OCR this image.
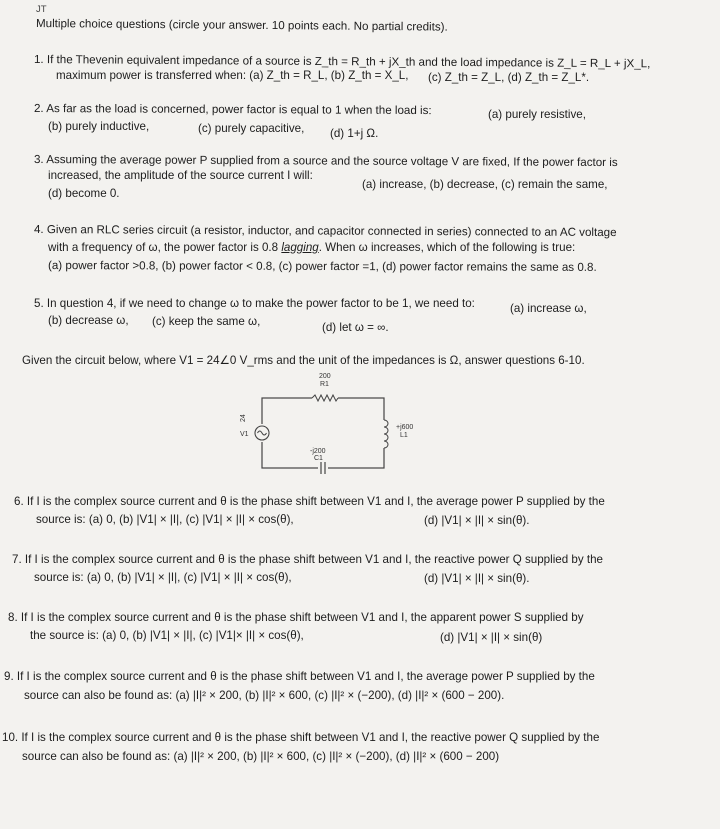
JT
Multiple choice questions (circle your answer. 10 points each. No partial credits).
1. If the Thevenin equivalent impedance of a source is Z_th = R_th + jX_th and the load impedance is Z_L = R_L + jX_L,
maximum power is transferred when: (a) Z_th = R_L, (b) Z_th = X_L, (c) Z_th = Z_L, (d) Z_th = Z_L*.
2. As far as the load is concerned, power factor is equal to 1 when the load is:	(a) purely resistive,
(b) purely inductive,	(c) purely capacitive, (d) 1+j Ω.
3. Assuming the average power P supplied from a source and the source voltage V are fixed, If the power factor is
increased, the amplitude of the source current I will:
(a) increase, (b) decrease, (c) remain the same,
(d) become 0.
4. Given an RLC series circuit (a resistor, inductor, and capacitor connected in series) connected to an AC voltage
with a frequency of ω, the power factor is 0.8 lagging. When ω increases, which of the following is true:
(a) power factor >0.8, (b) power factor < 0.8, (c) power factor =1, (d) power factor remains the same as 0.8.
5. In question 4, if we need to change ω to make the power factor to be 1, we need to:	(a) increase ω,
(b) decrease ω, (c) keep the same ω,	(d) let ω = ∞.
Given the circuit below, where V1 = 24∠0 V_rms and the unit of the impedances is Ω, answer questions 6-10.
200
R1
24
V1
+j600
L1
-j200
C1
6. If I is the complex source current and θ is the phase shift between V1 and I, the average power P supplied by the
source is: (a) 0, (b) |V1| × |I|, (c) |V1| × |I| × cos(θ),	(d) |V1| × |I| × sin(θ).
7. If I is the complex source current and θ is the phase shift between V1 and I, the reactive power Q supplied by the
source is: (a) 0, (b) |V1| × |I|, (c) |V1| × |I| × cos(θ),	(d) |V1| × |I| × sin(θ).
8. If I is the complex source current and θ is the phase shift between V1 and I, the apparent power S supplied by
the source is: (a) 0, (b) |V1| × |I|, (c) |V1|× |I| × cos(θ),	(d) |V1| × |I| × sin(θ)
9. If I is the complex source current and θ is the phase shift between V1 and I, the average power P supplied by the
source can also be found as: (a) |I|² × 200, (b) |I|² × 600, (c) |I|² × (−200), (d) |I|² × (600 − 200).
10. If I is the complex source current and θ is the phase shift between V1 and I, the reactive power Q supplied by the
source can also be found as: (a) |I|² × 200, (b) |I|² × 600, (c) |I|² × (−200), (d) |I|² × (600 − 200)
